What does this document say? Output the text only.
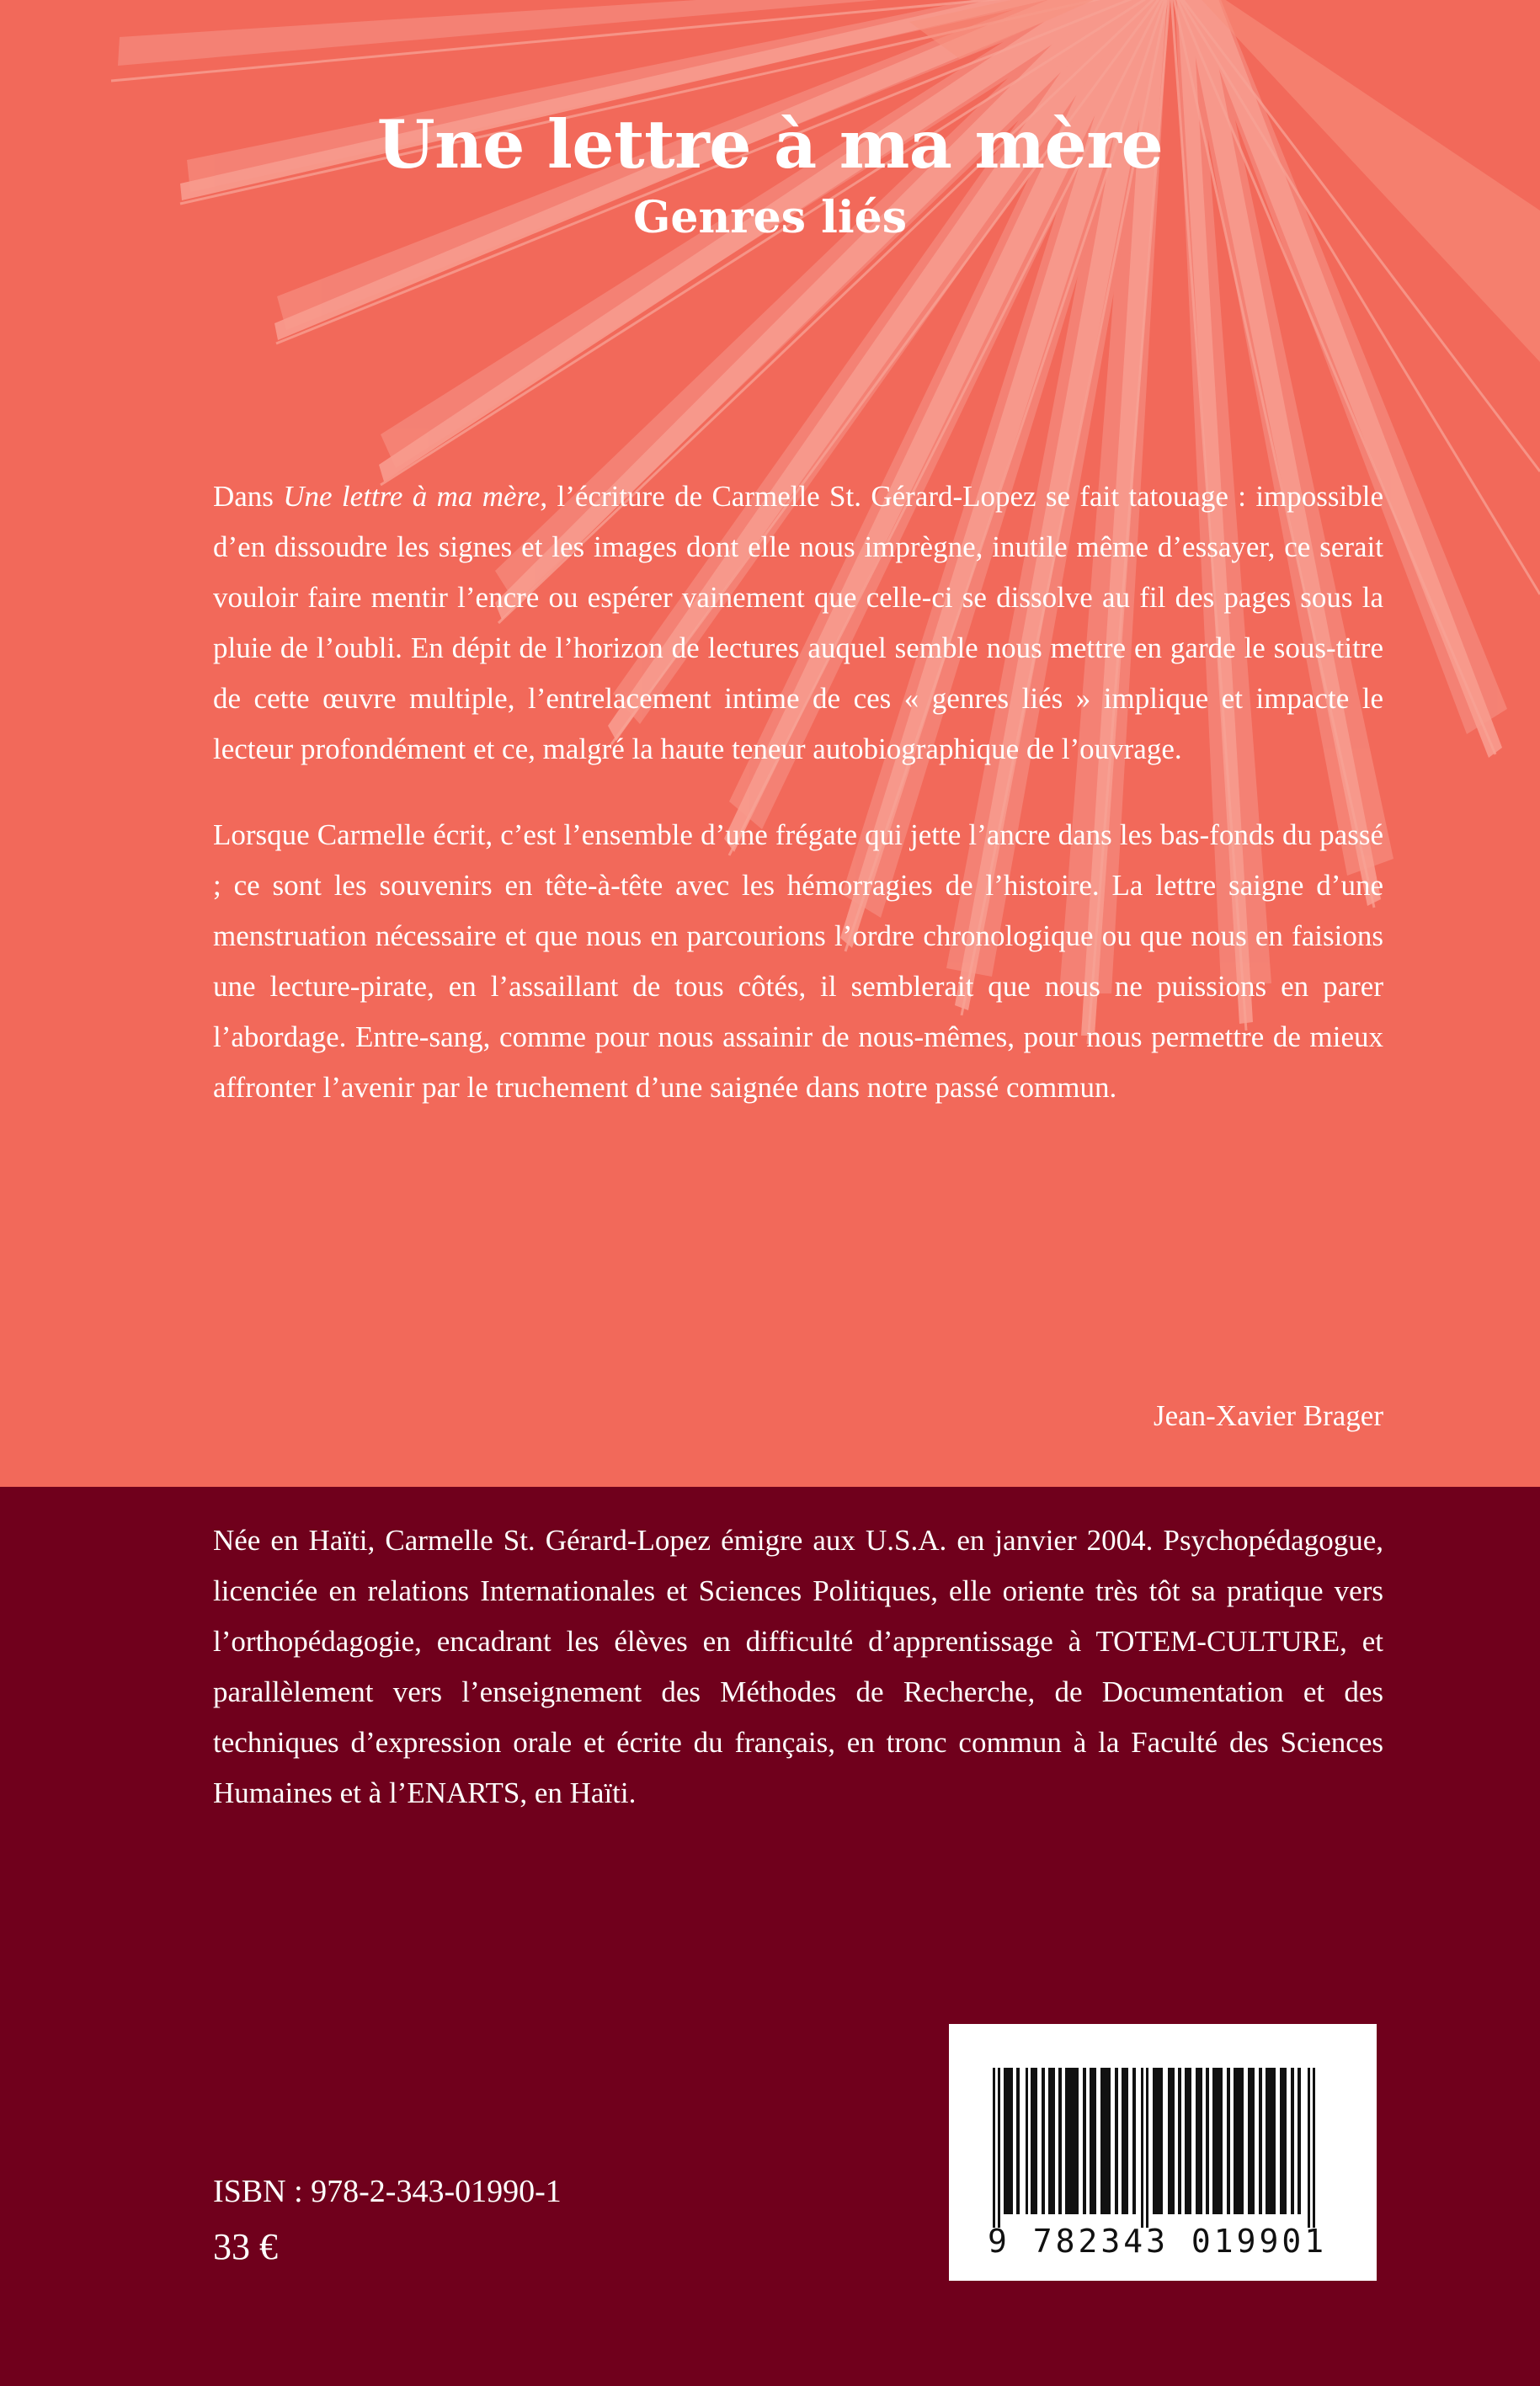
Une lettre à ma mère
Genres liés

Dans Une lettre à ma mère, l’écriture de Carmelle St. Gérard-Lopez se fait tatouage : impossible d’en dissoudre les signes et les images dont elle nous imprègne, inutile même d’essayer, ce serait vouloir faire mentir l’encre ou espérer vainement que celle-ci se dissolve au fil des pages sous la pluie de l’oubli. En dépit de l’horizon de lectures auquel semble nous mettre en garde le sous-titre de cette œuvre multiple, l’entrelacement intime de ces « genres liés » implique et impacte le lecteur profondément et ce, malgré la haute teneur autobiographique de l’ouvrage.

Lorsque Carmelle écrit, c’est l’ensemble d’une frégate qui jette l’ancre dans les bas-fonds du passé ; ce sont les souvenirs en tête-à-tête avec les hémorragies de l’histoire. La lettre saigne d’une menstruation nécessaire et que nous en parcourions l’ordre chronologique ou que nous en faisions une lecture-pirate, en l’assaillant de tous côtés, il semblerait que nous ne puissions en parer l’abordage. Entre-sang, comme pour nous assainir de nous-mêmes, pour nous permettre de mieux affronter l’avenir par le truchement d’une saignée dans notre passé commun.

Jean-Xavier Brager

Née en Haïti, Carmelle St. Gérard-Lopez émigre aux U.S.A. en janvier 2004. Psychopédagogue, licenciée en relations Internationales et Sciences Politiques, elle oriente très tôt sa pratique vers l’orthopédagogie, encadrant les élèves en difficulté d’apprentissage à TOTEM-CULTURE, et parallèlement vers l’enseignement des Méthodes de Recherche, de Documentation et des techniques d’expression orale et écrite du français, en tronc commun à la Faculté des Sciences Humaines et à l’ENARTS, en Haïti.

ISBN : 978-2-343-01990-1
33 €	9 782343 019901
